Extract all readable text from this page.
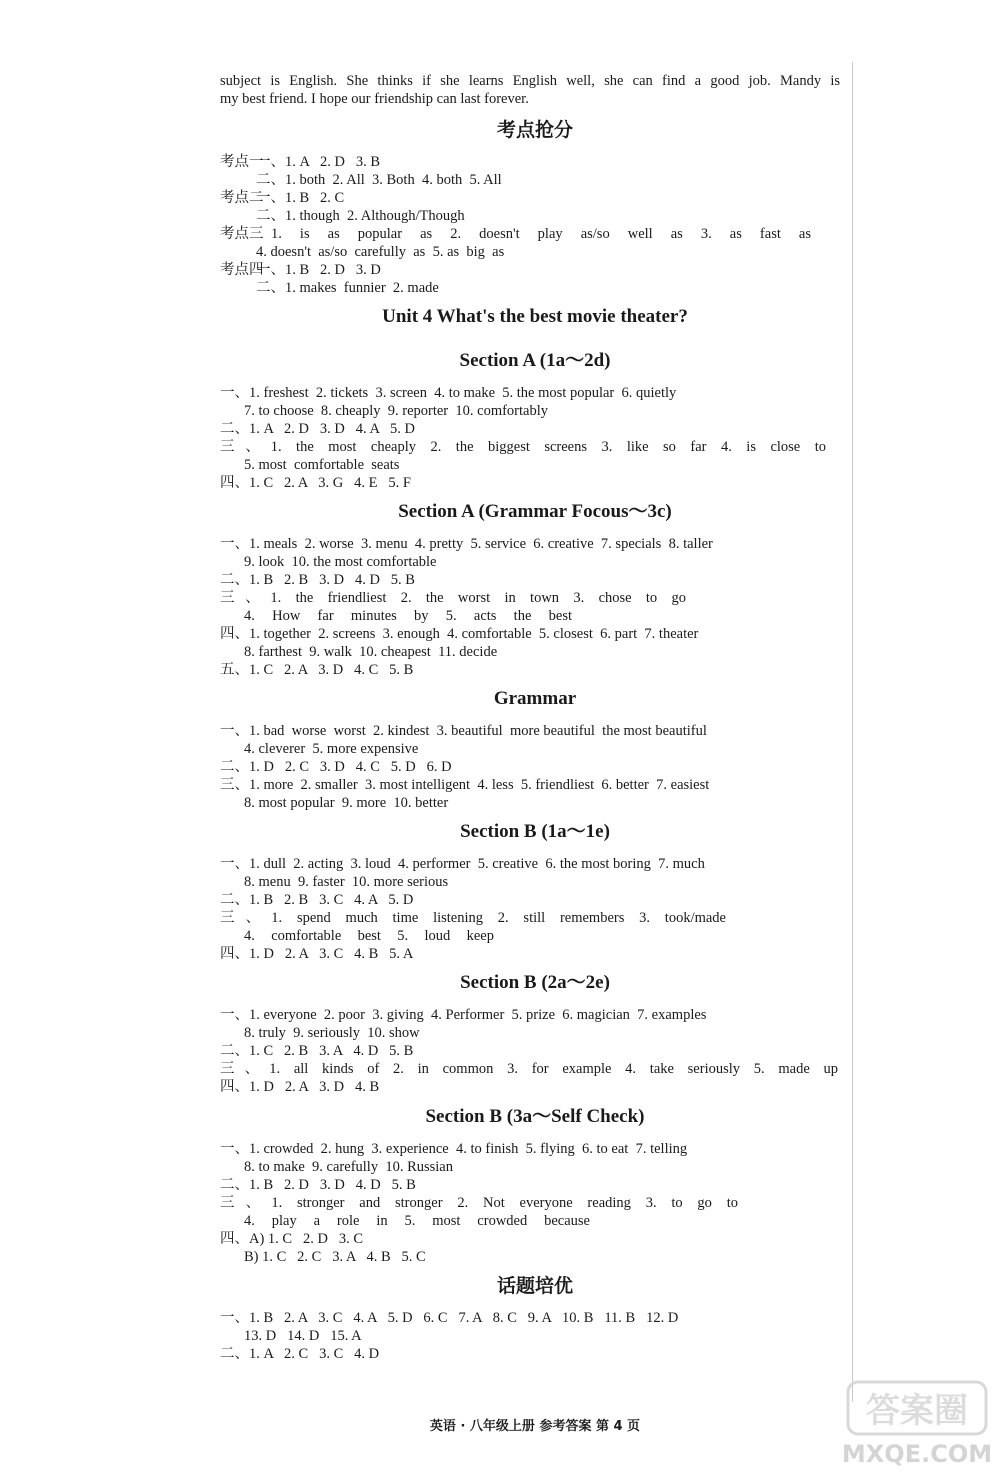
subject is English. She thinks if she learns English well, she can find a good job. Mandy is
my best friend. I hope our friendship can last forever.
考点抢分
考点一
一、1. A   2. D   3. B
二、1. both  2. All  3. Both  4. both  5. All
考点二
一、1. B   2. C
二、1. though  2. Although/Though
考点三 1. is as popular as 2. doesn't play as/so well as 3. as fast as
4. doesn't  as/so  carefully  as  5. as  big  as
考点四
一、1. B   2. D   3. D
二、1. makes  funnier  2. made
Unit 4 What's the best movie theater?
Section A (1a～2d)
一、1. freshest  2. tickets  3. screen  4. to make  5. the most popular  6. quietly
7. to choose  8. cheaply  9. reporter  10. comfortably
二、1. A   2. D   3. D   4. A   5. D
三、1. the most cheaply 2. the biggest screens 3. like so far 4. is close to
5. most  comfortable  seats
四、1. C   2. A   3. G   4. E   5. F
Section A (Grammar Focous～3c)
一、1. meals  2. worse  3. menu  4. pretty  5. service  6. creative  7. specials  8. taller
9. look  10. the most comfortable
二、1. B   2. B   3. D   4. D   5. B
三、1. the friendliest 2. the worst in town 3. chose to go
4. How far minutes by 5. acts the best
四、1. together  2. screens  3. enough  4. comfortable  5. closest  6. part  7. theater
8. farthest  9. walk  10. cheapest  11. decide
五、1. C   2. A   3. D   4. C   5. B
Grammar
一、1. bad  worse  worst  2. kindest  3. beautiful  more beautiful  the most beautiful
4. cleverer  5. more expensive
二、1. D   2. C   3. D   4. C   5. D   6. D
三、1. more  2. smaller  3. most intelligent  4. less  5. friendliest  6. better  7. easiest
8. most popular  9. more  10. better
Section B (1a～1e)
一、1. dull  2. acting  3. loud  4. performer  5. creative  6. the most boring  7. much
8. menu  9. faster  10. more serious
二、1. B   2. B   3. C   4. A   5. D
三、1. spend much time listening 2. still remembers 3. took/made
4. comfortable best 5. loud keep
四、1. D   2. A   3. C   4. B   5. A
Section B (2a～2e)
一、1. everyone  2. poor  3. giving  4. Performer  5. prize  6. magician  7. examples
8. truly  9. seriously  10. show
二、1. C   2. B   3. A   4. D   5. B
三、1. all kinds of 2. in common 3. for example 4. take seriously 5. made up
四、1. D   2. A   3. D   4. B
Section B (3a～Self Check)
一、1. crowded  2. hung  3. experience  4. to finish  5. flying  6. to eat  7. telling
8. to make  9. carefully  10. Russian
二、1. B   2. D   3. D   4. D   5. B
三、1. stronger and stronger 2. Not everyone reading 3. to go to
4. play a role in 5. most crowded because
四、A) 1. C   2. D   3. C
B) 1. C   2. C   3. A   4. B   5. C
话题培优
一、1. B   2. A   3. C   4. A   5. D   6. C   7. A   8. C   9. A   10. B   11. B   12. D
13. D   14. D   15. A
二、1. A   2. C   3. C   4. D
英语 · 八年级上册 参考答案 第 4 页	答案圈
MXQE.COM
